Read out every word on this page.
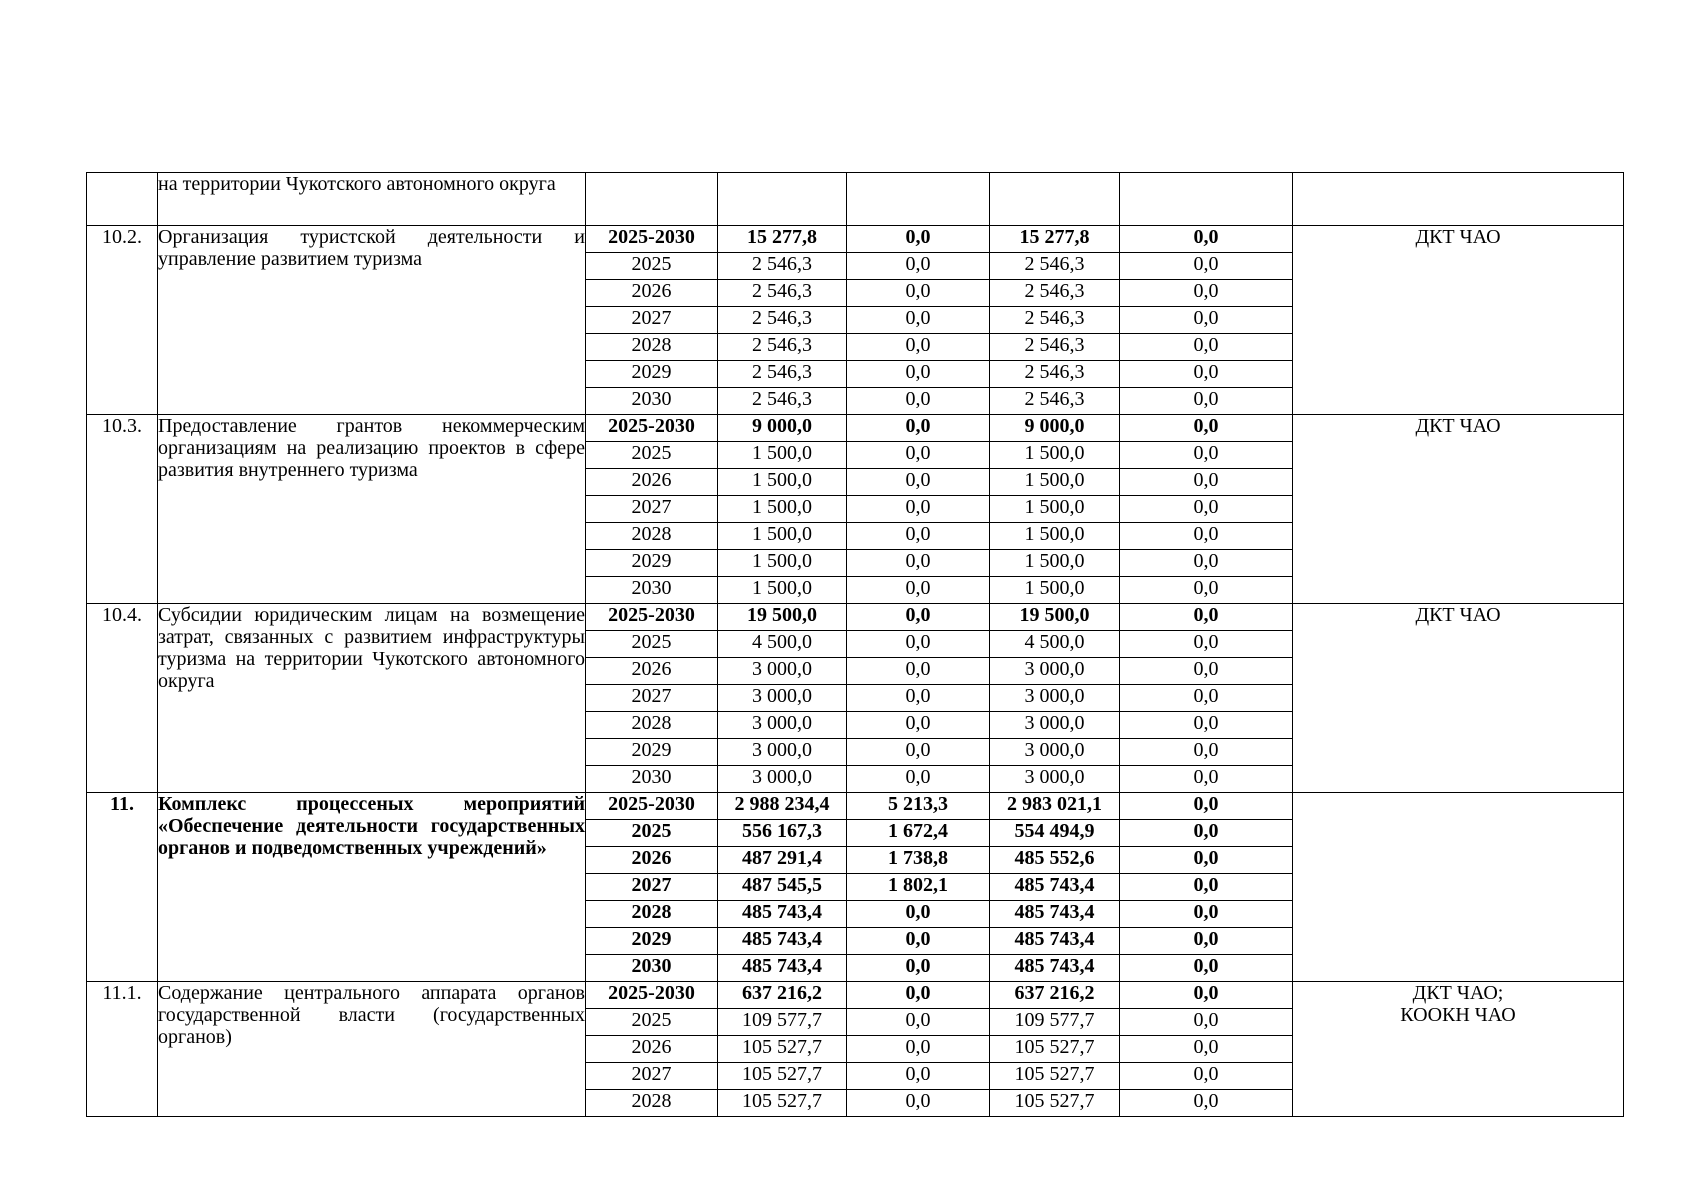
	на территории Чукотского автономного округа						
10.2.	Организация туристской деятельности и управление развитием туризма	2025-2030	15 277,8	0,0	15 277,8	0,0	ДКТ ЧАО

		2025	2 546,3	0,0	2 546,3	0,0	
		2026	2 546,3	0,0	2 546,3	0,0	
		2027	2 546,3	0,0	2 546,3	0,0	
		2028	2 546,3	0,0	2 546,3	0,0	
		2029	2 546,3	0,0	2 546,3	0,0	
		2030	2 546,3	0,0	2 546,3	0,0	
10.3.	Предоставление грантов некоммерческим организациям на реализацию проектов в сфере развития внутреннего туризма	2025-2030	9 000,0	0,0	9 000,0	0,0	ДКТ ЧАО

		2025	1 500,0	0,0	1 500,0	0,0	
		2026	1 500,0	0,0	1 500,0	0,0	
		2027	1 500,0	0,0	1 500,0	0,0	
		2028	1 500,0	0,0	1 500,0	0,0	
		2029	1 500,0	0,0	1 500,0	0,0	
		2030	1 500,0	0,0	1 500,0	0,0	
10.4.	Субсидии юридическим лицам на возмещение затрат, связанных с развитием инфраструктуры туризма на территории Чукотского автономного округа	2025-2030	19 500,0	0,0	19 500,0	0,0	ДКТ ЧАО

		2025	4 500,0	0,0	4 500,0	0,0	
		2026	3 000,0	0,0	3 000,0	0,0	
		2027	3 000,0	0,0	3 000,0	0,0	
		2028	3 000,0	0,0	3 000,0	0,0	
		2029	3 000,0	0,0	3 000,0	0,0	
		2030	3 000,0	0,0	3 000,0	0,0	
11.	Комплекс процессеных мероприятий «Обеспечение деятельности государственных органов и подведомственных учреждений»	2025-2030	2 988 234,4	5 213,3	2 983 021,1	0,0	
		2025	556 167,3	1 672,4	554 494,9	0,0	
		2026	487 291,4	1 738,8	485 552,6	0,0	
		2027	487 545,5	1 802,1	485 743,4	0,0	
		2028	485 743,4	0,0	485 743,4	0,0	
		2029	485 743,4	0,0	485 743,4	0,0	
		2030	485 743,4	0,0	485 743,4	0,0	
11.1.	Содержание центрального аппарата органов государственной власти (государственных органов)	2025-2030	637 216,2	0,0	637 216,2	0,0	ДКТ ЧАО;
КООКН ЧАО

		2025	109 577,7	0,0	109 577,7	0,0	
		2026	105 527,7	0,0	105 527,7	0,0	
		2027	105 527,7	0,0	105 527,7	0,0	
		2028	105 527,7	0,0	105 527,7	0,0	
